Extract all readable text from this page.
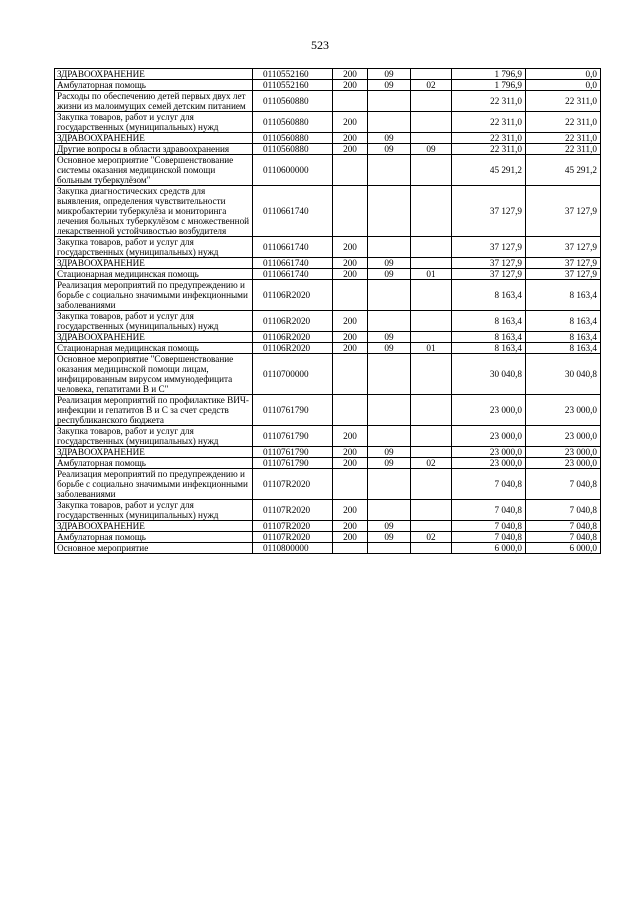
523
ЗДРАВООХРАНЕНИЕ	0110552160	200	09		1 796,9	0,0
Амбулаторная помощь	0110552160	200	09	02	1 796,9	0,0
Расходы по обеспечению детей первых двух лет жизни из малоимущих семей детским питанием	0110560880				22 311,0	22 311,0
Закупка товаров, работ и услуг для государственных (муниципальных) нужд	0110560880	200			22 311,0	22 311,0
ЗДРАВООХРАНЕНИЕ	0110560880	200	09		22 311,0	22 311,0
Другие вопросы в области здравоохранения	0110560880	200	09	09	22 311,0	22 311,0
Основное мероприятие "Совершенствование системы оказания медицинской помощи больным туберкулёзом"	0110600000				45 291,2	45 291,2
Закупка диагностических средств для выявления, определения чувствительности микробактерии туберкулёза и мониторинга лечения больных туберкулёзом с множественной лекарственной устойчивостью возбудителя	0110661740				37 127,9	37 127,9
Закупка товаров, работ и услуг для государственных (муниципальных) нужд	0110661740	200			37 127,9	37 127,9
ЗДРАВООХРАНЕНИЕ	0110661740	200	09		37 127,9	37 127,9
Стационарная медицинская помощь	0110661740	200	09	01	37 127,9	37 127,9
Реализация мероприятий по предупреждению и борьбе с социально значимыми инфекционными заболеваниями	01106R2020				8 163,4	8 163,4
Закупка товаров, работ и услуг для государственных (муниципальных) нужд	01106R2020	200			8 163,4	8 163,4
ЗДРАВООХРАНЕНИЕ	01106R2020	200	09		8 163,4	8 163,4
Стационарная медицинская помощь	01106R2020	200	09	01	8 163,4	8 163,4
Основное мероприятие "Совершенствование оказания медицинской помощи лицам, инфицированным вирусом иммунодефицита человека, гепатитами В и С"	0110700000				30 040,8	30 040,8
Реализация мероприятий по профилактике ВИЧ-инфекции и гепатитов В и С за счет средств республиканского бюджета	0110761790				23 000,0	23 000,0
Закупка товаров, работ и услуг для государственных (муниципальных) нужд	0110761790	200			23 000,0	23 000,0
ЗДРАВООХРАНЕНИЕ	0110761790	200	09		23 000,0	23 000,0
Амбулаторная помощь	0110761790	200	09	02	23 000,0	23 000,0
Реализация мероприятий по предупреждению и борьбе с социально значимыми инфекционными заболеваниями	01107R2020				7 040,8	7 040,8
Закупка товаров, работ и услуг для государственных (муниципальных) нужд	01107R2020	200			7 040,8	7 040,8
ЗДРАВООХРАНЕНИЕ	01107R2020	200	09		7 040,8	7 040,8
Амбулаторная помощь	01107R2020	200	09	02	7 040,8	7 040,8
Основное мероприятие	0110800000				6 000,0	6 000,0
